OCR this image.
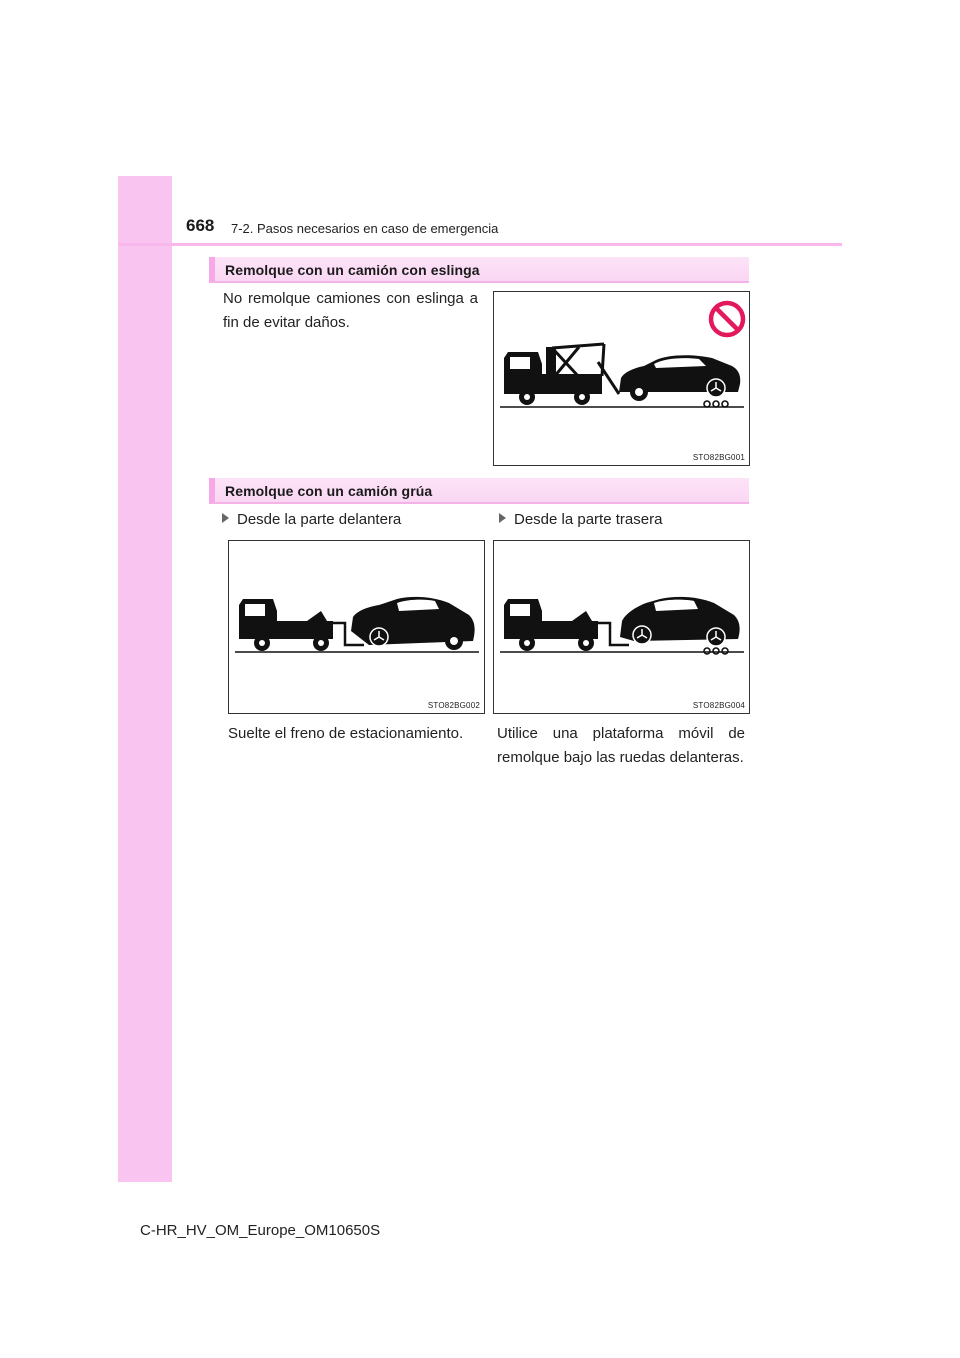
668 7-2. Pasos necesarios en caso de emergencia
Remolque con un camión con eslinga
No remolque camiones con eslinga a fin de evitar daños.
STO82BG001
Remolque con un camión grúa
Desde la parte delantera	Desde la parte trasera
STO82BG002	STO82BG004
Suelte el freno de estacionamiento.	Utilice una plataforma móvil de remolque bajo las ruedas delanteras.
C-HR_HV_OM_Europe_OM10650S
